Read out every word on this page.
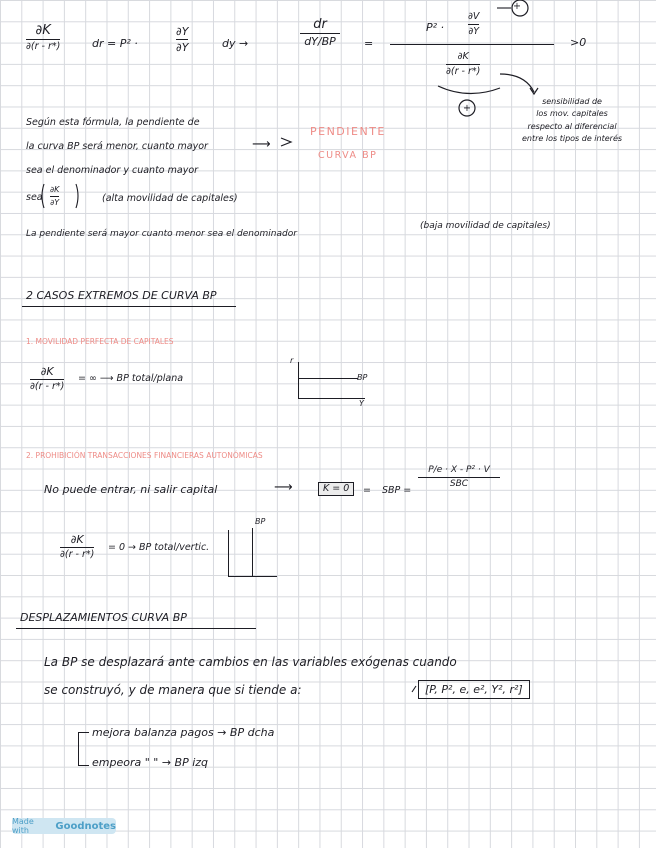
∂K
∂(r - r*)	dr = P² ·
∂Y
∂Y	dy →
dr
dY/BP	=
P² ·
∂V
∂Y
∂K
∂(r - r*)
>0
+
+
sensibilidad de
los mov. capitales
respecto al diferencial
entre los tipos de interés
Según esta fórmula, la pendiente de
la curva BP será menor, cuanto mayor	⟶
sea el denominador y cuanto mayor
sea
∂K
∂Y	(alta movilidad de capitales)
PENDIENTE
CURVA BP
La pendiente será mayor cuanto menor sea el denominador
(baja movilidad de capitales)
2 CASOS EXTREMOS DE CURVA BP
1. MOVILIDAD PERFECTA DE CAPITALES
∂K
∂(r - r*)
= ∞ ⟶ BP total/plana
r
Y
BP
2. PROHIBICIÓN TRANSACCIONES FINANCIERAS AUTONÓMICAS
No puede entrar, ni salir capital	⟶	K = 0	= SBP =
P/e · X - P² · V
SBC
∂K
∂(r - r*)
= 0 → BP total/vertic.
BP
DESPLAZAMIENTOS CURVA BP
La BP se desplazará ante cambios en las variables exógenas cuando
se construyó, y de manera que si tiende a:	[P, P², e, e², Y², r²]
mejora balanza pagos → BP dcha
empeora " " → BP izq
Made with	Goodnotes
